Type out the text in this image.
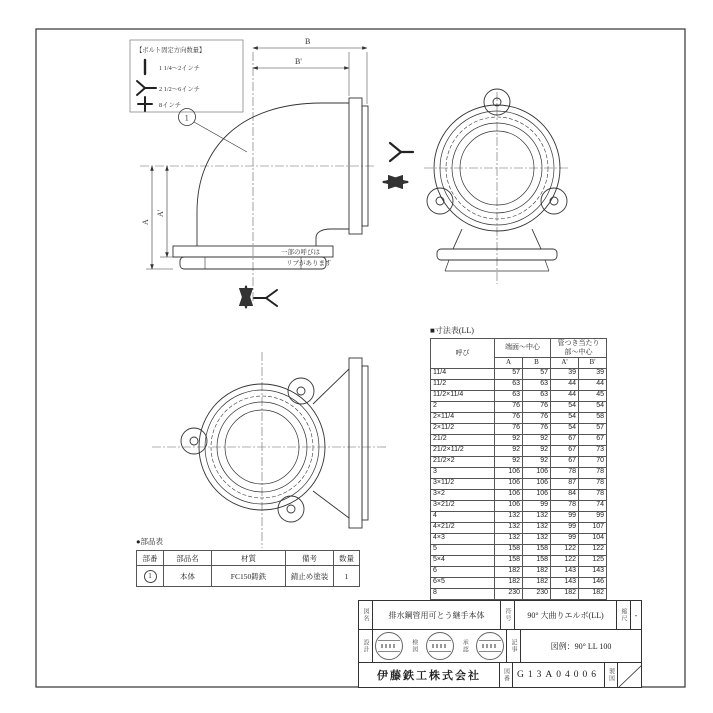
【ボルト固定方向数量】
1 1/4〜2インチ
2 1/2〜6インチ
8インチ
B
B'
A
A'
1
一部の呼びは
リブがあります
■寸法表(LL)
呼び	端面〜中心		管つき当たり部〜中心	
	A	B	A'	B'
11/4	57	57	39	39
11/2	63	63	44	44
11/2×11/4	63	63	44	45
2	76	76	54	54
2×11/4	76	76	54	58
2×11/2	76	76	54	57
21/2	92	92	67	67
21/2×11/2	92	92	67	73
21/2×2	92	92	67	70
3	106	106	78	78
3×11/2	106	106	87	78
3×2	106	106	84	78
3×21/2	106	99	78	74
4	132	132	99	99
4×21/2	132	132	99	107
4×3	132	132	99	104
5	158	158	122	122
5×4	158	158	122	125
6	182	182	143	143
6×5	182	182	143	146
8	230	230	182	182
●部品表
部番	部品名	材質	備考	数量
1	本体	FC150鋳鉄	錆止め塗装	1
図名	排水鋼管用可とう継手本体	符号	90° 大曲りエルボ(LL)	縮尺	-
設計	検図	承認	記事	図例：90° LL 100
伊藤鉄工株式会社	図番 G13A04006	製図
